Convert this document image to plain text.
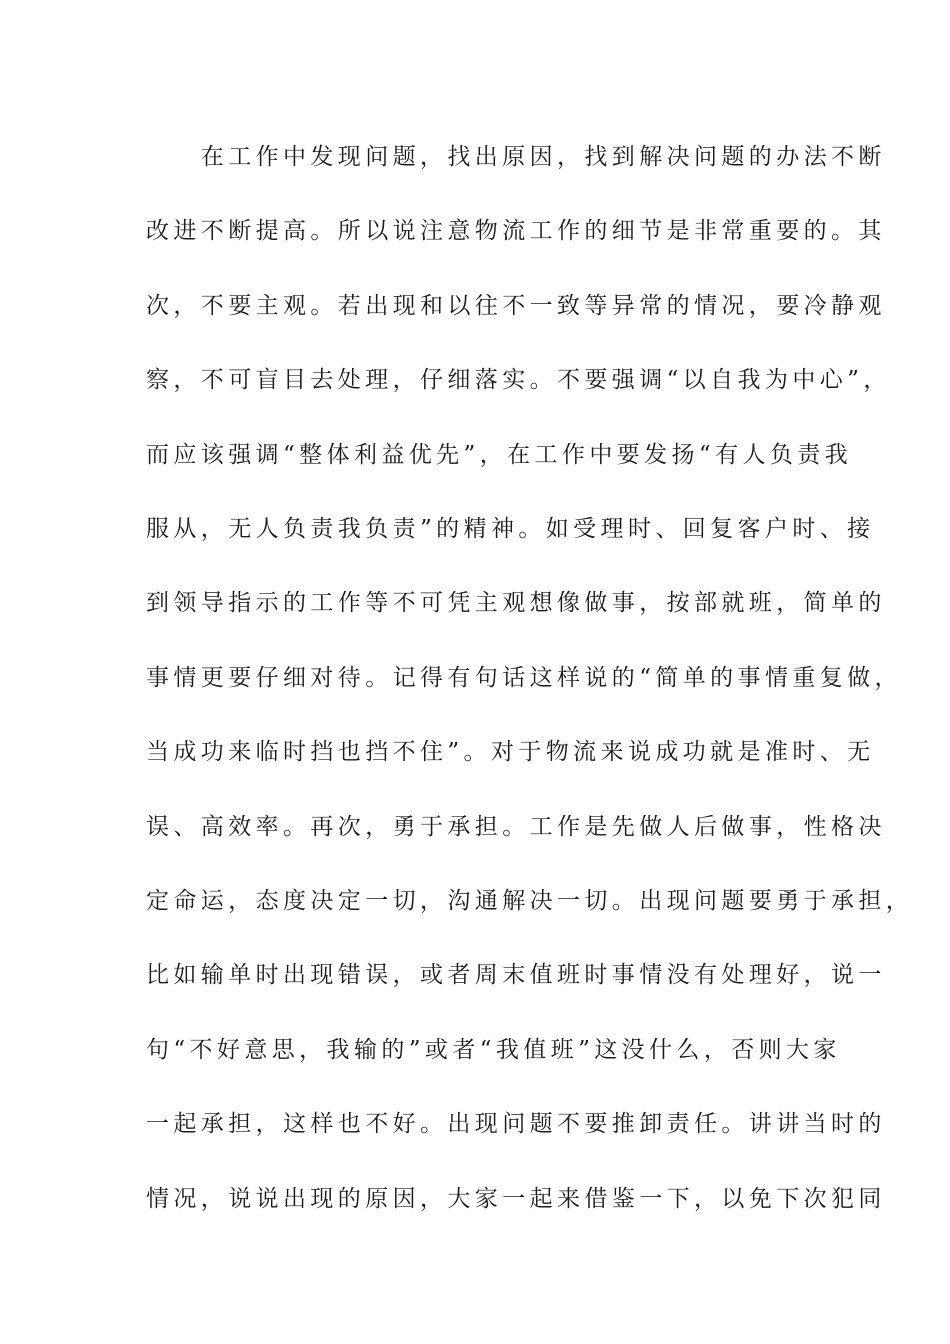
　　在工作中发现问题，找出原因，找到解决问题的办法不断
改进不断提高。所以说注意物流工作的细节是非常重要的。其
次，不要主观。若出现和以往不一致等异常的情况，要冷静观
察，不可盲目去处理，仔细落实。不要强调“以自我为中心”，
而应该强调“整体利益优先”，在工作中要发扬“有人负责我
服从，无人负责我负责”的精神。如受理时、回复客户时、接
到领导指示的工作等不可凭主观想像做事，按部就班，简单的
事情更要仔细对待。记得有句话这样说的“简单的事情重复做，
当成功来临时挡也挡不住”。对于物流来说成功就是准时、无
误、高效率。再次，勇于承担。工作是先做人后做事，性格决
定命运，态度决定一切，沟通解决一切。出现问题要勇于承担，
比如输单时出现错误，或者周末值班时事情没有处理好，说一
句“不好意思，我输的”或者“我值班”这没什么，否则大家
一起承担，这样也不好。出现问题不要推卸责任。讲讲当时的
情况，说说出现的原因，大家一起来借鉴一下，以免下次犯同
